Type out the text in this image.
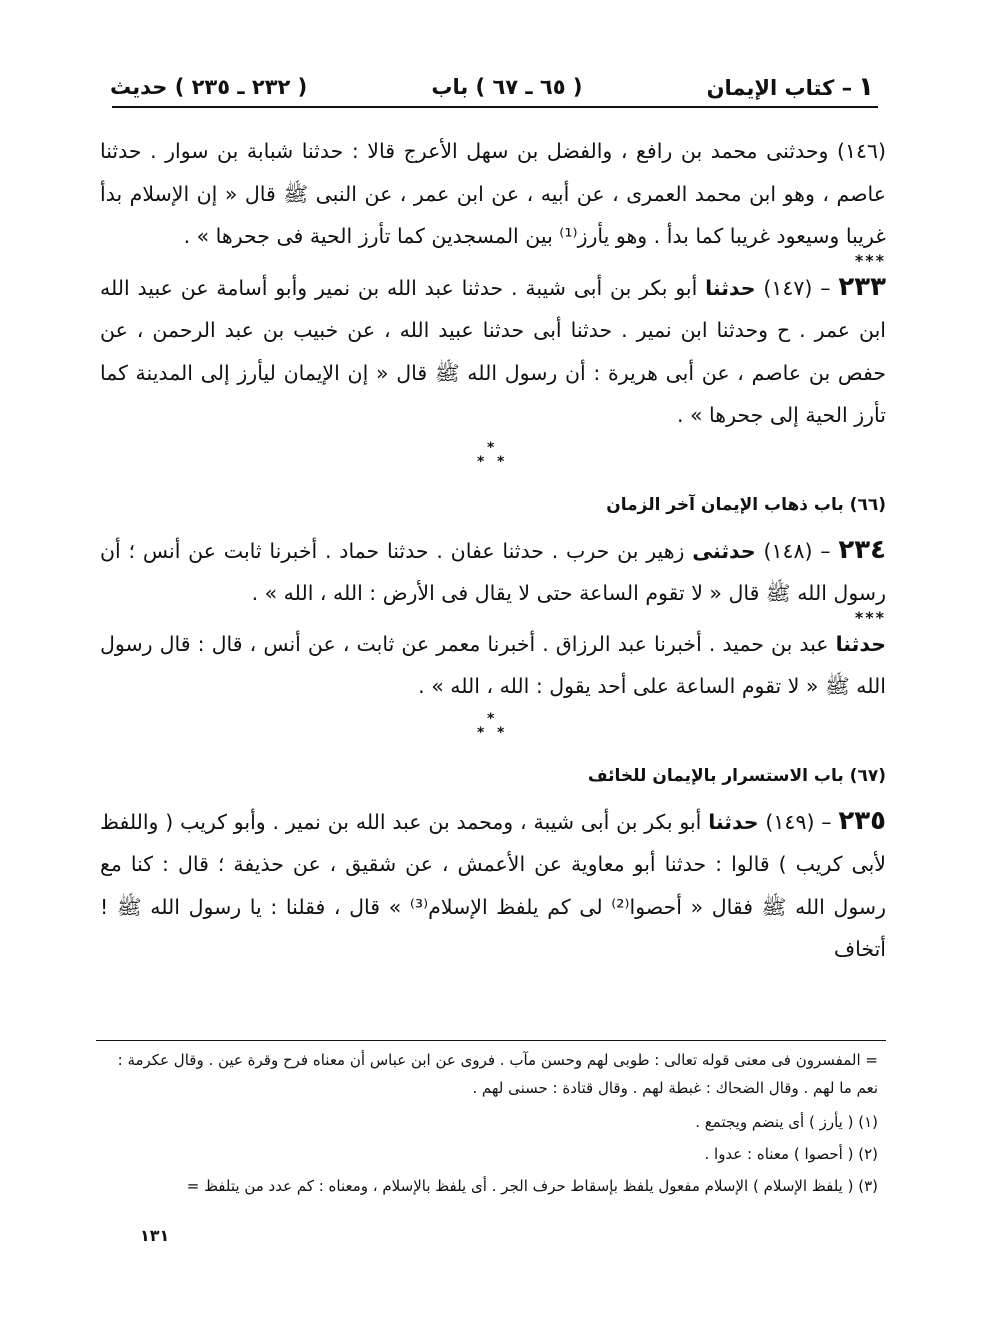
١
– كتاب الإيمان
( ٦٥ ـ ٦٧ ) باب
( ٢٣٢ ـ ٢٣٥ ) حديث

(١٤٦) وحدثنى محمد بن رافع ، والفضل بن سهل الأعرج قالا : حدثنا شبابة بن سوار . حدثنا عاصم ، وهو ابن محمد العمرى ، عن أبيه ، عن ابن عمر ، عن النبى ﷺ قال « إن الإسلام بدأ غريبا وسيعود غريبا كما بدأ . وهو يأرز⁽¹⁾ بين المسجدين كما تأرز الحية فى جحرها » .

***

٢٣٣ – (١٤٧) حدثنا أبو بكر بن أبى شيبة . حدثنا عبد الله بن نمير وأبو أسامة عن عبيد الله ابن عمر . ح وحدثنا ابن نمير . حدثنا أبى حدثنا عبيد الله ، عن خبيب بن عبد الرحمن ، عن حفص بن عاصم ، عن أبى هريرة : أن رسول الله ﷺ قال « إن الإيمان ليأرز إلى المدينة كما تأرز الحية إلى جحرها » .

*
* *
(٦٦) باب ذهاب الإيمان آخر الزمان

٢٣٤ – (١٤٨) حدثنى زهير بن حرب . حدثنا عفان . حدثنا حماد . أخبرنا ثابت عن أنس ؛ أن رسول الله ﷺ قال « لا تقوم الساعة حتى لا يقال فى الأرض : الله ، الله » .

***

حدثنا عبد بن حميد . أخبرنا عبد الرزاق . أخبرنا معمر عن ثابت ، عن أنس ، قال : قال رسول الله ﷺ « لا تقوم الساعة على أحد يقول : الله ، الله » .

*
* *
(٦٧) باب الاستسرار بالإيمان للخائف

٢٣٥ – (١٤٩) حدثنا أبو بكر بن أبى شيبة ، ومحمد بن عبد الله بن نمير . وأبو كريب ( واللفظ لأبى كريب ) قالوا : حدثنا أبو معاوية عن الأعمش ، عن شقيق ، عن حذيفة ؛ قال : كنا مع رسول الله ﷺ فقال « أحصوا⁽²⁾ لى كم يلفظ الإسلام⁽³⁾ » قال ، فقلنا : يا رسول الله ﷺ ! أتخاف

= المفسرون فى معنى قوله تعالى : طوبى لهم وحسن مآب . فروى عن ابن عباس أن معناه فرح وقرة عين . وقال عكرمة : نعم ما لهم . وقال الضحاك : غبطة لهم . وقال قتادة : حسنى لهم .

(١) ( يأرز ) أى ينضم ويجتمع .

(٢) ( أحصوا ) معناه : عدوا .

(٣) ( يلفظ الإسلام ) الإسلام مفعول يلفظ بإسقاط حرف الجر . أى يلفظ بالإسلام ، ومعناه : كم عدد من يتلفظ =

١٣١
